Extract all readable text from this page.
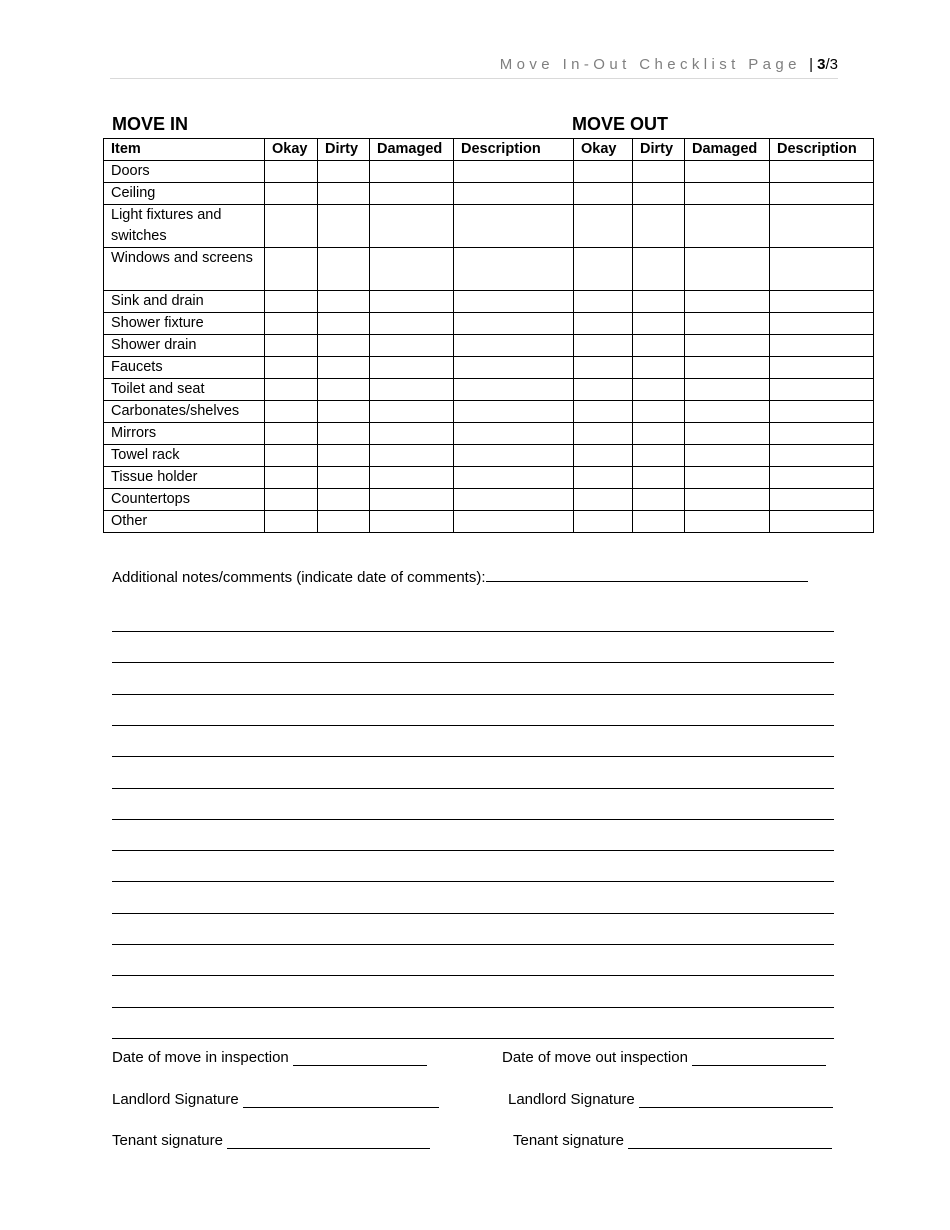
Move In-Out Checklist Page | 3/3
MOVE IN	MOVE OUT
Item	Okay	Dirty	Damaged	Description	Okay	Dirty	Damaged	Description
Doors								
Ceiling								
Light fixtures and switches								
Windows and screens								
Sink and drain								
Shower fixture								
Shower drain								
Faucets								
Toilet and seat								
Carbonates/shelves								
Mirrors								
Towel rack								
Tissue holder								
Countertops								
Other								
Additional notes/comments (indicate date of comments):
Date of move in inspection	Date of move out inspection
Landlord Signature	Landlord Signature
Tenant signature	Tenant signature
